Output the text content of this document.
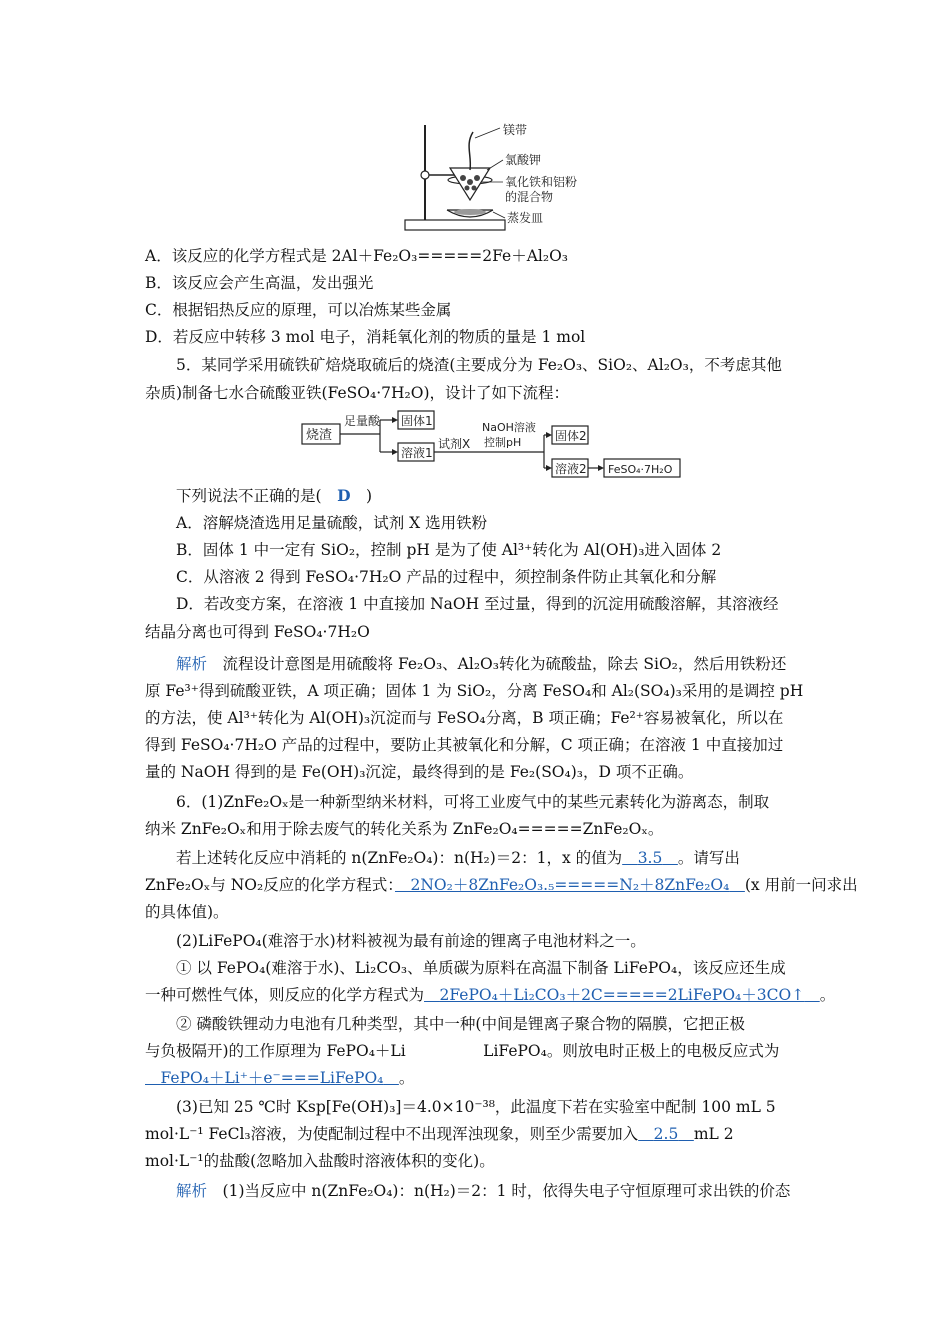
镁带
氯酸钾
氧化铁和铝粉
的混合物
蒸发皿
A．该反应的化学方程式是 2Al＋Fe₂O₃=====2Fe＋Al₂O₃
B．该反应会产生高温，发出强光
C．根据铝热反应的原理，可以冶炼某些金属
D．若反应中转移 3 mol 电子，消耗氧化剂的物质的量是 1 mol
5．某同学采用硫铁矿焙烧取硫后的烧渣(主要成分为 Fe₂O₃、SiO₂、Al₂O₃，不考虑其他
杂质)制备七水合硫酸亚铁(FeSO₄·7H₂O)，设计了如下流程：
烧渣
足量酸 固体1
溶液1
试剂X
NaOH溶液
控制pH	固体2
溶液2 FeSO₄·7H₂O
下列说法不正确的是(　 D　 )
A．溶解烧渣选用足量硫酸，试剂 X 选用铁粉
B．固体 1 中一定有 SiO₂，控制 pH 是为了使 Al³⁺转化为 Al(OH)₃进入固体 2
C．从溶液 2 得到 FeSO₄·7H₂O 产品的过程中，须控制条件防止其氧化和分解
D．若改变方案，在溶液 1 中直接加 NaOH 至过量，得到的沉淀用硫酸溶解，其溶液经
结晶分离也可得到 FeSO₄·7H₂O
解析　 流程设计意图是用硫酸将 Fe₂O₃、Al₂O₃转化为硫酸盐，除去 SiO₂，然后用铁粉还
原 Fe³⁺得到硫酸亚铁，A 项正确；固体 1 为 SiO₂，分离 FeSO₄和 Al₂(SO₄)₃采用的是调控 pH
的方法，使 Al³⁺转化为 Al(OH)₃沉淀而与 FeSO₄分离，B 项正确；Fe²⁺容易被氧化，所以在
得到 FeSO₄·7H₂O 产品的过程中，要防止其被氧化和分解，C 项正确；在溶液 1 中直接加过
量的 NaOH 得到的是 Fe(OH)₃沉淀，最终得到的是 Fe₂(SO₄)₃，D 项不正确。
6．(1)ZnFe₂Oₓ是一种新型纳米材料，可将工业废气中的某些元素转化为游离态，制取
纳米 ZnFe₂Oₓ和用于除去废气的转化关系为 ZnFe₂O₄=====ZnFe₂Oₓ。
若上述转化反应中消耗的 n(ZnFe₂O₄)：n(H₂)＝2：1，x 的值为　 3.5　 。请写出
ZnFe₂Oₓ与 NO₂反应的化学方程式：　 2NO₂＋8ZnFe₂O₃.₅=====N₂＋8ZnFe₂O₄　 (x 用前一问求出
的具体值)。
(2)LiFePO₄(难溶于水)材料被视为最有前途的锂离子电池材料之一。
① 以 FePO₄(难溶于水)、Li₂CO₃、单质碳为原料在高温下制备 LiFePO₄，该反应还生成
一种可燃性气体，则反应的化学方程式为　 2FePO₄＋Li₂CO₃＋2C=====2LiFePO₄＋3CO↑　 。
② 磷酸铁锂动力电池有几种类型，其中一种(中间是锂离子聚合物的隔膜，它把正极
与负极隔开)的工作原理为 FePO₄＋Li　　　　　LiFePO₄。则放电时正极上的电极反应式为
　FePO₄＋Li⁺＋e⁻===LiFePO₄　 。
(3)已知 25 ℃时 Ksp[Fe(OH)₃]＝4.0×10⁻³⁸，此温度下若在实验室中配制 100 mL 5
mol·L⁻¹ FeCl₃溶液，为使配制过程中不出现浑浊现象，则至少需要加入　 2.5　 mL 2
mol·L⁻¹的盐酸(忽略加入盐酸时溶液体积的变化)。
解析　 (1)当反应中 n(ZnFe₂O₄)：n(H₂)＝2：1 时，依得失电子守恒原理可求出铁的价态
